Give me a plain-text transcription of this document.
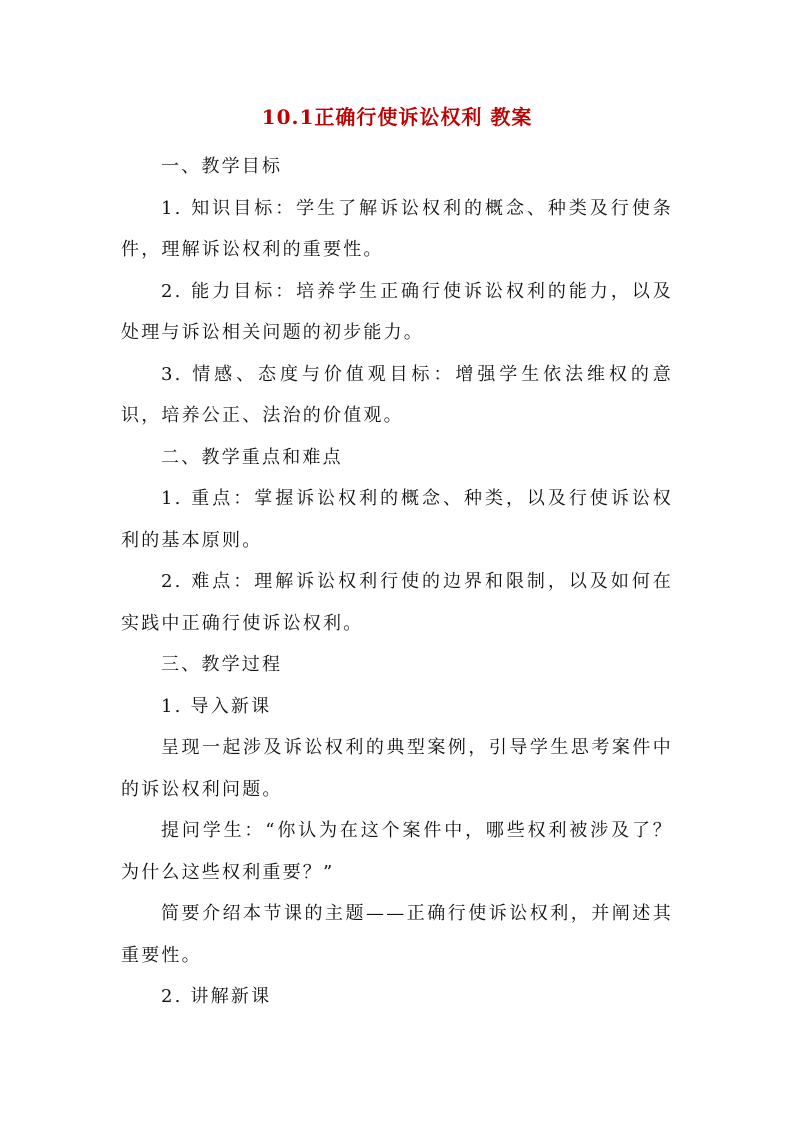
10.1正确行使诉讼权利 教案

一、教学目标

1. 知识目标：学生了解诉讼权利的概念、种类及行使条件，理解诉讼权利的重要性。

2. 能力目标：培养学生正确行使诉讼权利的能力，以及处理与诉讼相关问题的初步能力。

3. 情感、态度与价值观目标：增强学生依法维权的意识，培养公正、法治的价值观。

二、教学重点和难点

1. 重点：掌握诉讼权利的概念、种类，以及行使诉讼权利的基本原则。

2. 难点：理解诉讼权利行使的边界和限制，以及如何在实践中正确行使诉讼权利。

三、教学过程

1. 导入新课

呈现一起涉及诉讼权利的典型案例，引导学生思考案件中的诉讼权利问题。

提问学生：“你认为在这个案件中，哪些权利被涉及了？为什么这些权利重要？”

简要介绍本节课的主题——正确行使诉讼权利，并阐述其重要性。

2. 讲解新课
